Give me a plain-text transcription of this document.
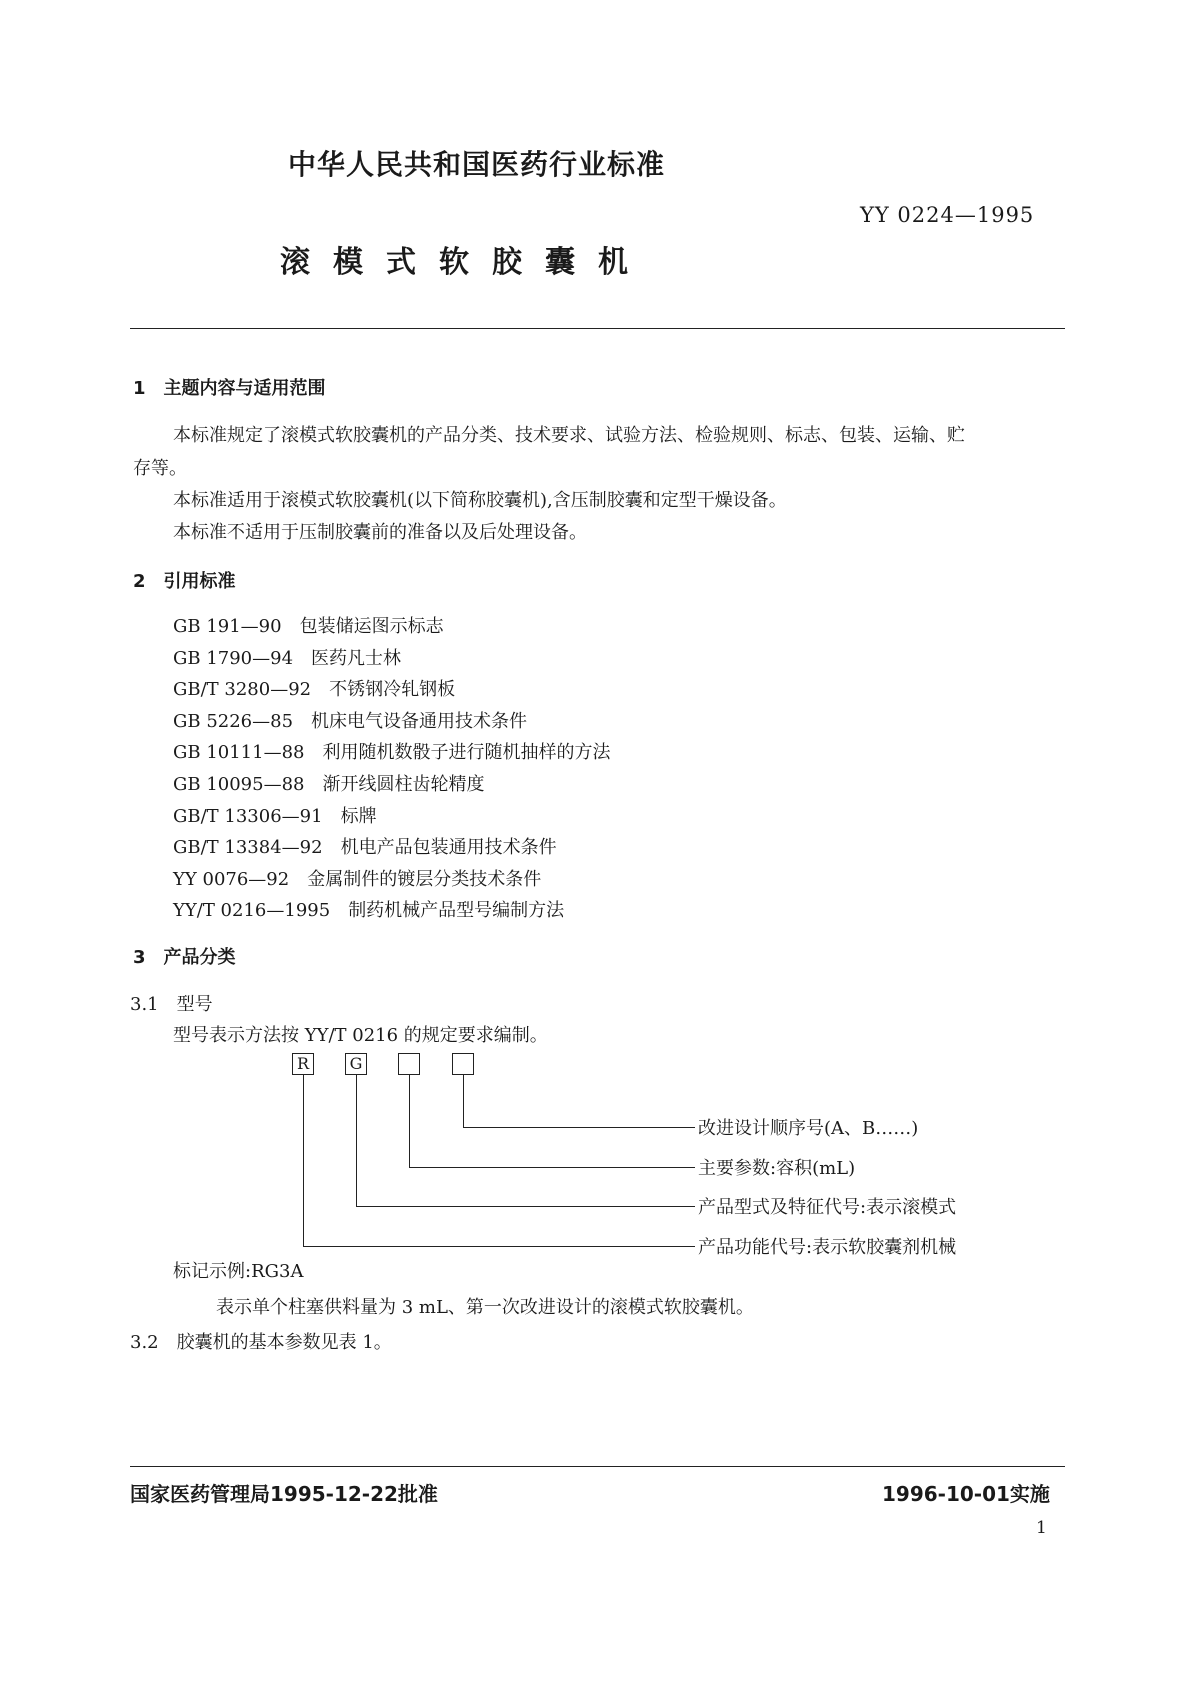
中华人民共和国医药行业标准
YY 0224—1995
滚模式软胶囊机
1　主题内容与适用范围
本标准规定了滚模式软胶囊机的产品分类、技术要求、试验方法、检验规则、标志、包装、运输、贮
存等。
本标准适用于滚模式软胶囊机(以下简称胶囊机),含压制胶囊和定型干燥设备。
本标准不适用于压制胶囊前的准备以及后处理设备。
2　引用标准
GB 191—90 包装储运图示标志
GB 1790—94 医药凡士林
GB/T 3280—92 不锈钢冷轧钢板
GB 5226—85 机床电气设备通用技术条件
GB 10111—88 利用随机数骰子进行随机抽样的方法
GB 10095—88 渐开线圆柱齿轮精度
GB/T 13306—91 标牌
GB/T 13384—92 机电产品包装通用技术条件
YY 0076—92 金属制件的镀层分类技术条件
YY/T 0216—1995 制药机械产品型号编制方法
3　产品分类
3.1　型号
型号表示方法按 YY/T 0216 的规定要求编制。
R	G
改进设计顺序号(A、B……)
主要参数:容积(mL)
产品型式及特征代号:表示滚模式
产品功能代号:表示软胶囊剂机械
标记示例:RG3A
表示单个柱塞供料量为 3 mL、第一次改进设计的滚模式软胶囊机。
3.2　胶囊机的基本参数见表 1。
国家医药管理局1995-12-22批准	1996-10-01实施
1
